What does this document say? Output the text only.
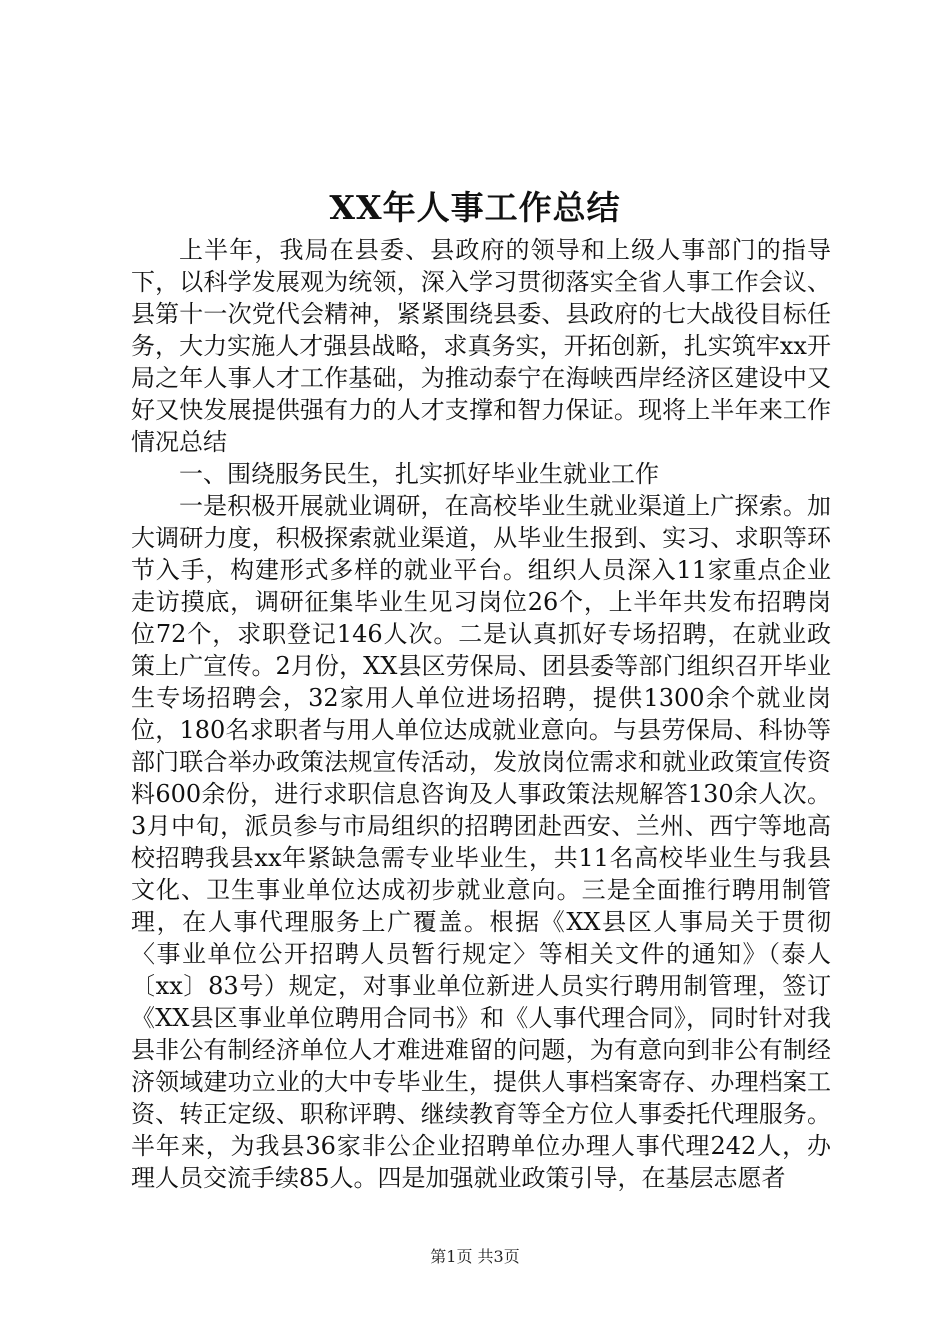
XX年人事工作总结

上半年，我局在县委、县政府的领导和上级人事部门的指导下，以科学发展观为统领，深入学习贯彻落实全省人事工作会议、县第十一次党代会精神，紧紧围绕县委、县政府的七大战役目标任务，大力实施人才强县战略，求真务实，开拓创新，扎实筑牢xx开局之年人事人才工作基础，为推动泰宁在海峡西岸经济区建设中又好又快发展提供强有力的人才支撑和智力保证。现将上半年来工作情况总结

一、围绕服务民生，扎实抓好毕业生就业工作

一是积极开展就业调研，在高校毕业生就业渠道上广探索。加大调研力度，积极探索就业渠道，从毕业生报到、实习、求职等环节入手，构建形式多样的就业平台。组织人员深入11家重点企业走访摸底，调研征集毕业生见习岗位26个，上半年共发布招聘岗位72个，求职登记146人次。二是认真抓好专场招聘，在就业政策上广宣传。2月份，XX县区劳保局、团县委等部门组织召开毕业生专场招聘会，32家用人单位进场招聘，提供1300余个就业岗位，180名求职者与用人单位达成就业意向。与县劳保局、科协等部门联合举办政策法规宣传活动，发放岗位需求和就业政策宣传资料600余份，进行求职信息咨询及人事政策法规解答130余人次。3月中旬，派员参与市局组织的招聘团赴西安、兰州、西宁等地高校招聘我县xx年紧缺急需专业毕业生，共11名高校毕业生与我县文化、卫生事业单位达成初步就业意向。三是全面推行聘用制管理，在人事代理服务上广覆盖。根据《XX县区人事局关于贯彻〈事业单位公开招聘人员暂行规定〉等相关文件的通知》（泰人〔xx〕83号）规定，对事业单位新进人员实行聘用制管理，签订《XX县区事业单位聘用合同书》和《人事代理合同》，同时针对我县非公有制经济单位人才难进难留的问题，为有意向到非公有制经济领域建功立业的大中专毕业生，提供人事档案寄存、办理档案工资、转正定级、职称评聘、继续教育等全方位人事委托代理服务。半年来，为我县36家非公企业招聘单位办理人事代理242人，办理人员交流手续85人。四是加强就业政策引导，在基层志愿者

第1页 共3页
